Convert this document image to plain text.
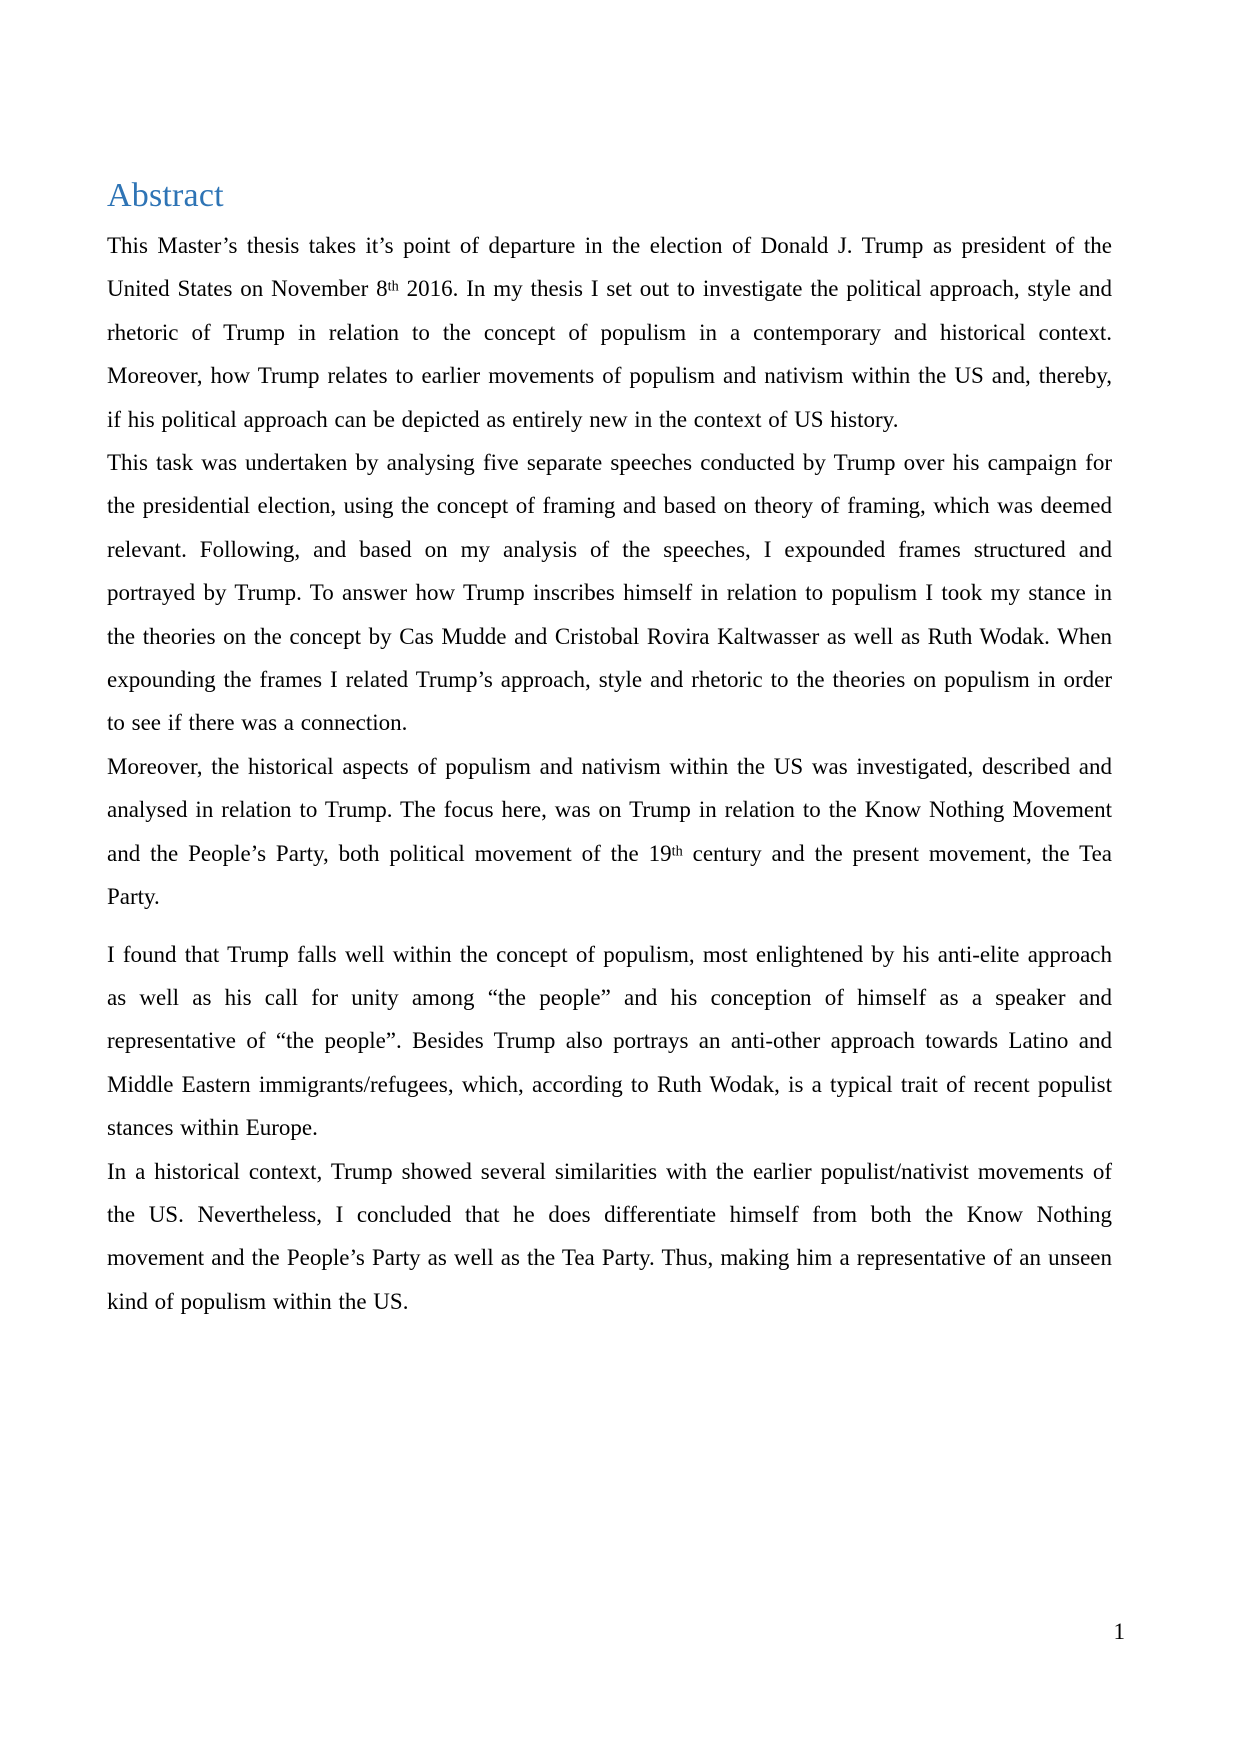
Abstract

This Master’s thesis takes it’s point of departure in the election of Donald J. Trump as president of the United States on November 8th 2016. In my thesis I set out to investigate the political approach, style and rhetoric of Trump in relation to the concept of populism in a contemporary and historical context. Moreover, how Trump relates to earlier movements of populism and nativism within the US and, thereby, if his political approach can be depicted as entirely new in the context of US history.

This task was undertaken by analysing five separate speeches conducted by Trump over his campaign for the presidential election, using the concept of framing and based on theory of framing, which was deemed relevant. Following, and based on my analysis of the speeches, I expounded frames structured and portrayed by Trump. To answer how Trump inscribes himself in relation to populism I took my stance in the theories on the concept by Cas Mudde and Cristobal Rovira Kaltwasser as well as Ruth Wodak. When expounding the frames I related Trump’s approach, style and rhetoric to the theories on populism in order to see if there was a connection.

Moreover, the historical aspects of populism and nativism within the US was investigated, described and analysed in relation to Trump. The focus here, was on Trump in relation to the Know Nothing Movement and the People’s Party, both political movement of the 19th century and the present movement, the Tea Party.

I found that Trump falls well within the concept of populism, most enlightened by his anti-elite approach as well as his call for unity among “the people” and his conception of himself as a speaker and representative of “the people”. Besides Trump also portrays an anti-other approach towards Latino and Middle Eastern immigrants/refugees, which, according to Ruth Wodak, is a typical trait of recent populist stances within Europe.

In a historical context, Trump showed several similarities with the earlier populist/nativist movements of the US. Nevertheless, I concluded that he does differentiate himself from both the Know Nothing movement and the People’s Party as well as the Tea Party. Thus, making him a representative of an unseen kind of populism within the US.

1
